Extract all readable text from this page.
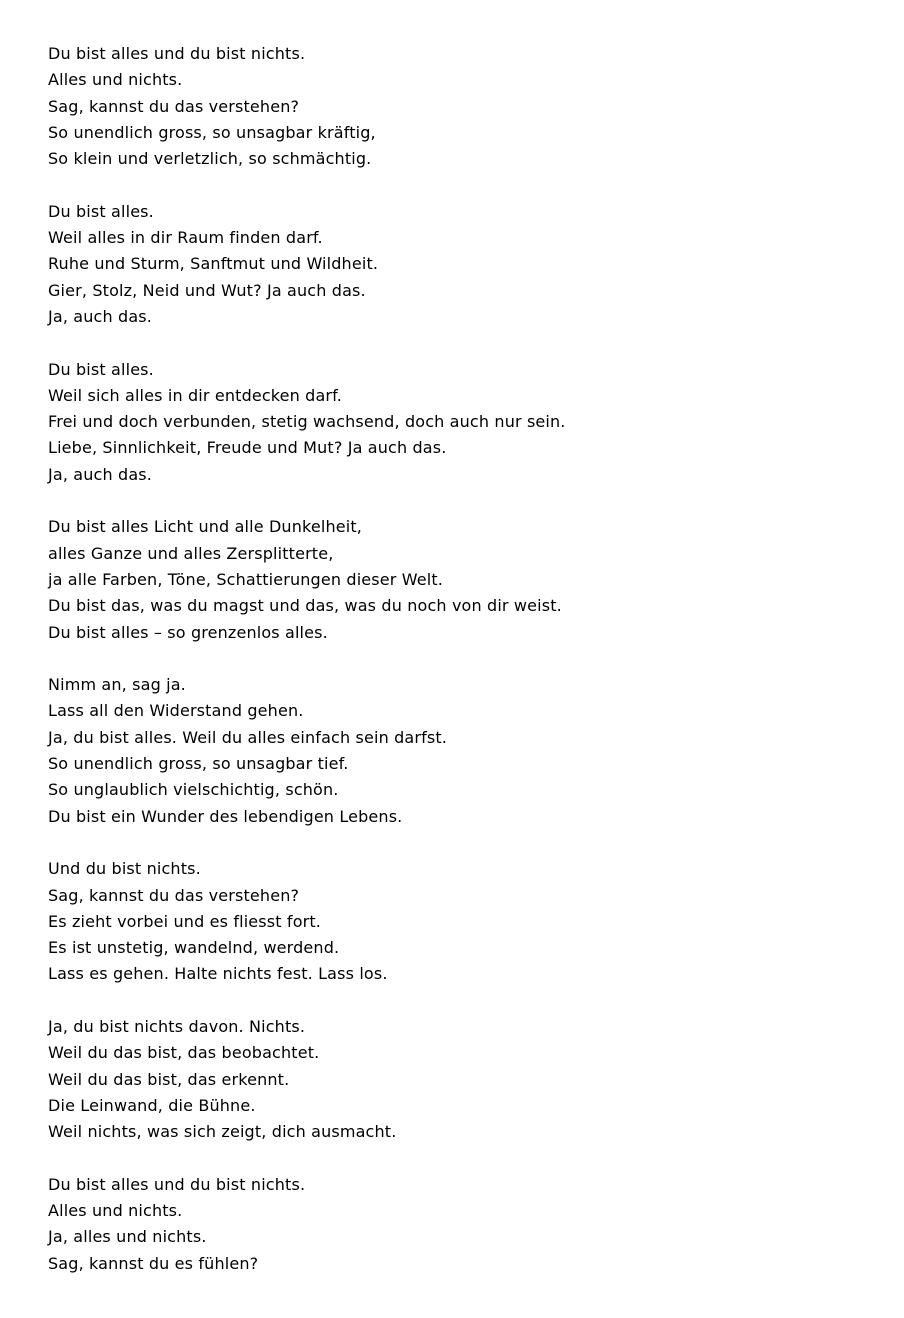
Du bist alles und du bist nichts.
Alles und nichts.
Sag, kannst du das verstehen?
So unendlich gross, so unsagbar kräftig,
So klein und verletzlich, so schmächtig.
Du bist alles.
Weil alles in dir Raum finden darf.
Ruhe und Sturm, Sanftmut und Wildheit.
Gier, Stolz, Neid und Wut? Ja auch das.
Ja, auch das.
Du bist alles.
Weil sich alles in dir entdecken darf.
Frei und doch verbunden, stetig wachsend, doch auch nur sein.
Liebe, Sinnlichkeit, Freude und Mut? Ja auch das.
Ja, auch das.
Du bist alles Licht und alle Dunkelheit,
alles Ganze und alles Zersplitterte,
ja alle Farben, Töne, Schattierungen dieser Welt.
Du bist das, was du magst und das, was du noch von dir weist.
Du bist alles – so grenzenlos alles.
Nimm an, sag ja.
Lass all den Widerstand gehen.
Ja, du bist alles. Weil du alles einfach sein darfst.
So unendlich gross, so unsagbar tief.
So unglaublich vielschichtig, schön.
Du bist ein Wunder des lebendigen Lebens.
Und du bist nichts.
Sag, kannst du das verstehen?
Es zieht vorbei und es fliesst fort.
Es ist unstetig, wandelnd, werdend.
Lass es gehen. Halte nichts fest. Lass los.
Ja, du bist nichts davon. Nichts.
Weil du das bist, das beobachtet.
Weil du das bist, das erkennt.
Die Leinwand, die Bühne.
Weil nichts, was sich zeigt, dich ausmacht.
Du bist alles und du bist nichts.
Alles und nichts.
Ja, alles und nichts.
Sag, kannst du es fühlen?
